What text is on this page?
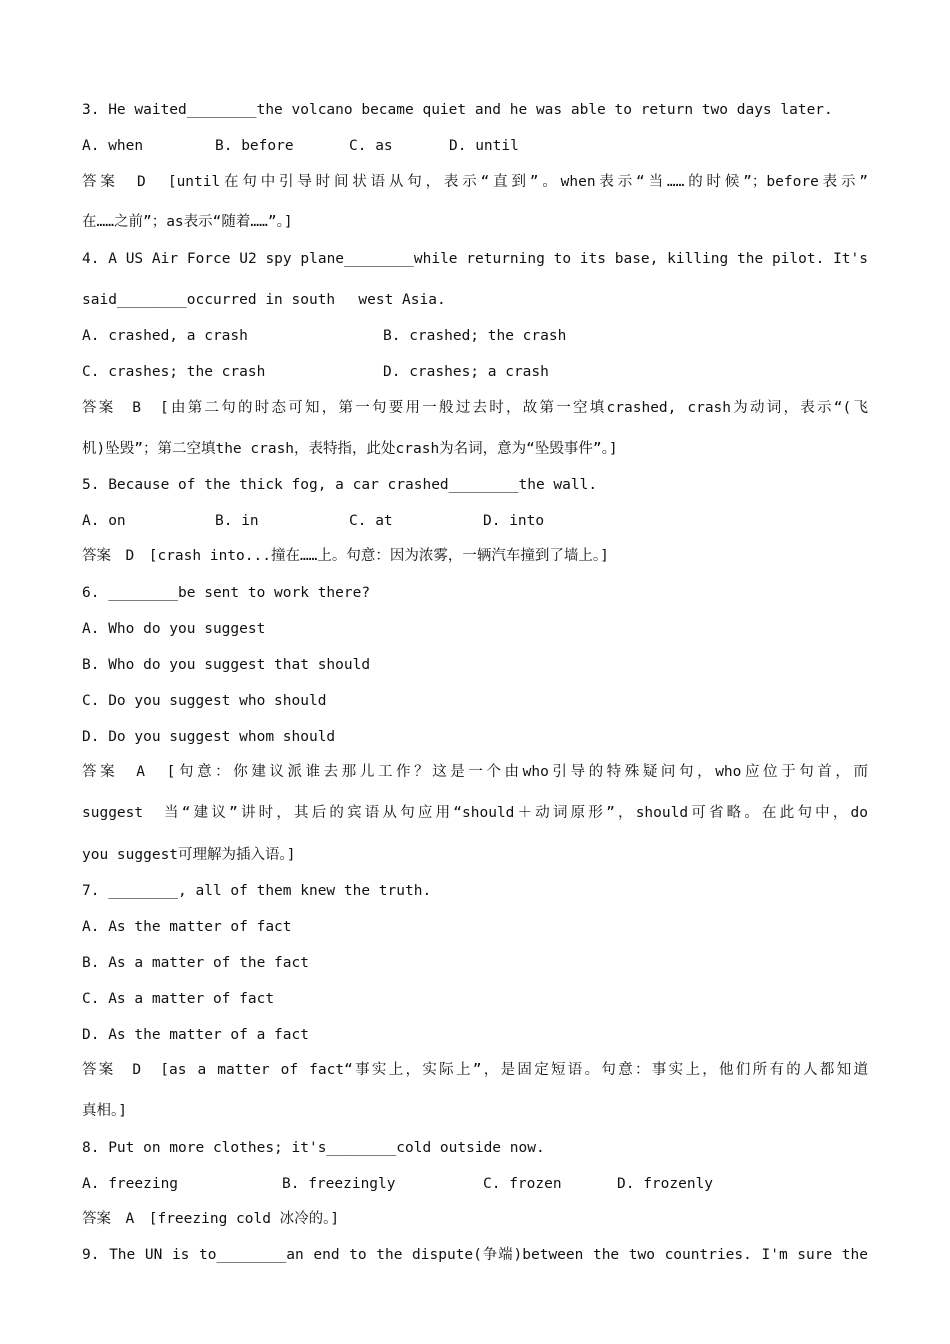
3. He waited________the volcano became quiet and he was able to return two days later.
A. when	B. before	C. as	D. until
答案　D　[until在句中引导时间状语从句，表示“直到”。when表示“当……的时候”；before表示”
在……之前”；as表示“随着……”。]
4. A US Air Force U2 spy plane________while returning to its base, killing the pilot. It's
said________occurred in south　 west Asia.
A. crashed, a crash	B. crashed; the crash
C. crashes; the crash	D. crashes; a crash
答案　B　[由第二句的时态可知，第一句要用一般过去时，故第一空填crashed, crash为动词，表示“(飞
机)坠毁”；第二空填the crash，表特指，此处crash为名词，意为“坠毁事件”。]
5. Because of the thick fog, a car crashed________the wall.
A. on	B. in	C. at	D. into
答案　D　[crash into...撞在……上。句意：因为浓雾，一辆汽车撞到了墙上。]
6. ________be sent to work there?
A. Who do you suggest
B. Who do you suggest that should
C. Do you suggest who should
D. Do you suggest whom should
答案　A　[句意：你建议派谁去那儿工作？这是一个由who引导的特殊疑问句，who应位于句首，而
suggest　当“建议”讲时，其后的宾语从句应用“should＋动词原形”，should可省略。在此句中，do
you suggest可理解为插入语。]
7. ________, all of them knew the truth.
A. As the matter of fact
B. As a matter of the fact
C. As a matter of fact
D. As the matter of a fact
答案　D　[as a matter of fact“事实上，实际上”，是固定短语。句意：事实上，他们所有的人都知道
真相。]
8. Put on more clothes; it's________cold outside now.
A. freezing	B. freezingly	C. frozen	D. frozenly
答案　A　[freezing cold 冰冷的。]
9. The UN is to________an end to the dispute(争端)between the two countries. I'm sure the
